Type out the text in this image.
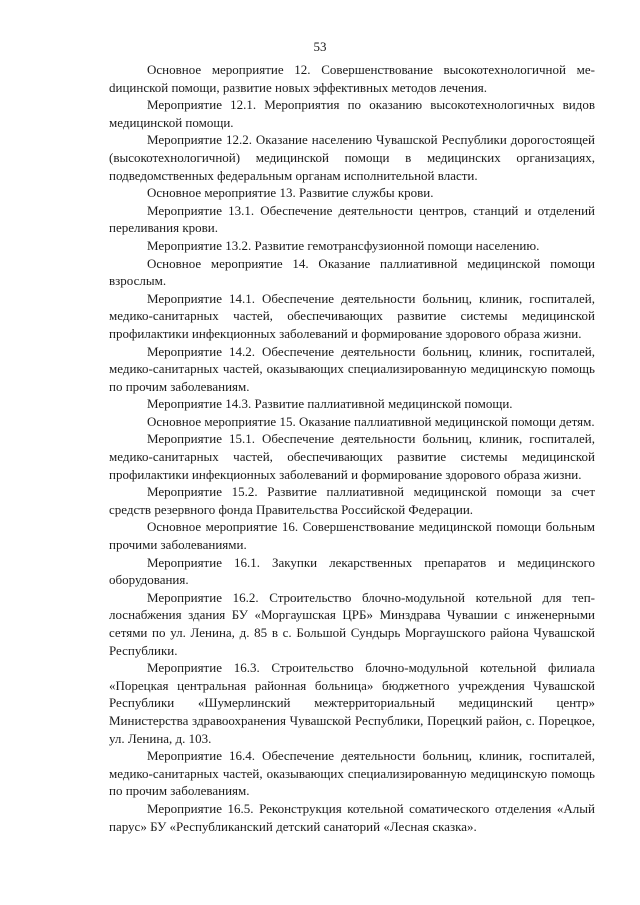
53

Основное мероприятие 12. Совершенствование высокотехнологичной меdицинской помощи, развитие новых эффективных методов лечения.

Мероприятие 12.1. Мероприятия по оказанию высокотехнологичных видов медицинской помощи.

Мероприятие 12.2. Оказание населению Чувашской Республики дорогостоящей (высокотехнологичной) медицинской помощи в медицинских организациях, подведомственных федеральным органам исполнительной власти.

Основное мероприятие 13. Развитие службы крови.

Мероприятие 13.1. Обеспечение деятельности центров, станций и отделений переливания крови.

Мероприятие 13.2. Развитие гемотрансфузионной помощи населению.

Основное мероприятие 14. Оказание паллиативной медицинской помощи взрослым.

Мероприятие 14.1. Обеспечение деятельности больниц, клиник, госпиталей, медико-санитарных частей, обеспечивающих развитие системы медицинской профилактики инфекционных заболеваний и формирование здорового образа жизни.

Мероприятие 14.2. Обеспечение деятельности больниц, клиник, госпиталей, медико-санитарных частей, оказывающих специализированную медицинскую помощь по прочим заболеваниям.

Мероприятие 14.3. Развитие паллиативной медицинской помощи.

Основное мероприятие 15. Оказание паллиативной медицинской помощи детям.

Мероприятие 15.1. Обеспечение деятельности больниц, клиник, госпиталей, медико-санитарных частей, обеспечивающих развитие системы медицинской профилактики инфекционных заболеваний и формирование здорового образа жизни.

Мероприятие 15.2. Развитие паллиативной медицинской помощи за счет средств резервного фонда Правительства Российской Федерации.

Основное мероприятие 16. Совершенствование медицинской помощи больным прочими заболеваниями.

Мероприятие 16.1. Закупки лекарственных препаратов и медицинского оборудования.

Мероприятие 16.2. Строительство блочно-модульной котельной для теплоснабжения здания БУ «Моргаушская ЦРБ» Минздрава Чувашии с инженерными сетями по ул. Ленина, д. 85 в с. Большой Сундырь Моргаушского района Чувашской Республики.

Мероприятие 16.3. Строительство блочно-модульной котельной филиала «Порецкая центральная районная больница» бюджетного учреждения Чувашской Республики «Шумерлинский межтерриториальный медицинский центр» Министерства здравоохранения Чувашской Республики, Порецкий район, с. Порецкое, ул. Ленина, д. 103.

Мероприятие 16.4. Обеспечение деятельности больниц, клиник, госпиталей, медико-санитарных частей, оказывающих специализированную медицинскую помощь по прочим заболеваниям.

Мероприятие 16.5. Реконструкция котельной соматического отделения «Алый парус» БУ «Республиканский детский санаторий «Лесная сказка».
